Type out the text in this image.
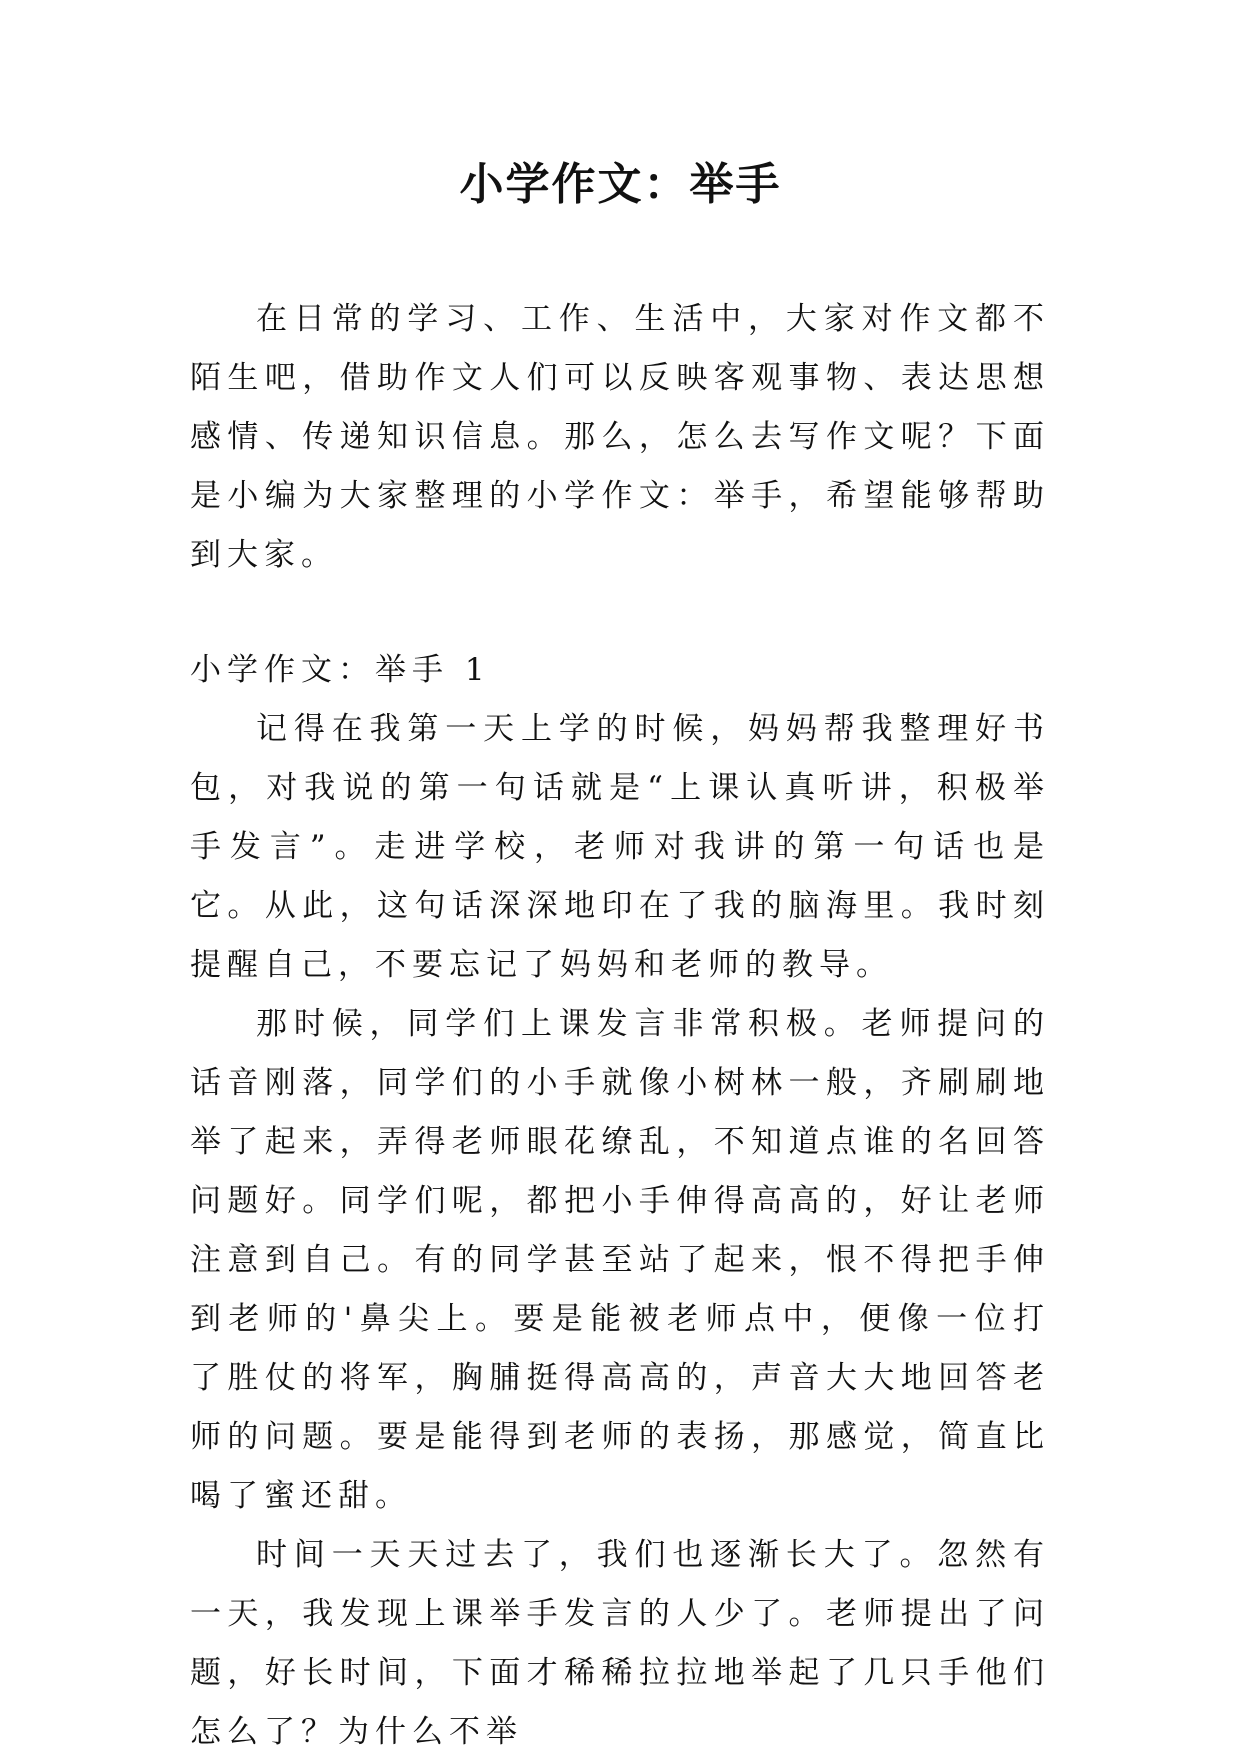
小学作文：举手

在日常的学习、工作、生活中，大家对作文都不陌生吧，借助作文人们可以反映客观事物、表达思想感情、传递知识信息。那么，怎么去写作文呢？下面是小编为大家整理的小学作文：举手，希望能够帮助到大家。

小学作文：举手 1

记得在我第一天上学的时候，妈妈帮我整理好书包，对我说的第一句话就是“上课认真听讲，积极举手发言”。走进学校，老师对我讲的第一句话也是它。从此，这句话深深地印在了我的脑海里。我时刻提醒自己，不要忘记了妈妈和老师的教导。

那时候，同学们上课发言非常积极。老师提问的话音刚落，同学们的小手就像小树林一般，齐刷刷地举了起来，弄得老师眼花缭乱，不知道点谁的名回答问题好。同学们呢，都把小手伸得高高的，好让老师注意到自己。有的同学甚至站了起来，恨不得把手伸到老师的'鼻尖上。要是能被老师点中，便像一位打了胜仗的将军，胸脯挺得高高的，声音大大地回答老师的问题。要是能得到老师的表扬，那感觉，简直比喝了蜜还甜。

时间一天天过去了，我们也逐渐长大了。忽然有一天，我发现上课举手发言的人少了。老师提出了问题，好长时间，下面才稀稀拉拉地举起了几只手他们怎么了？为什么不举
